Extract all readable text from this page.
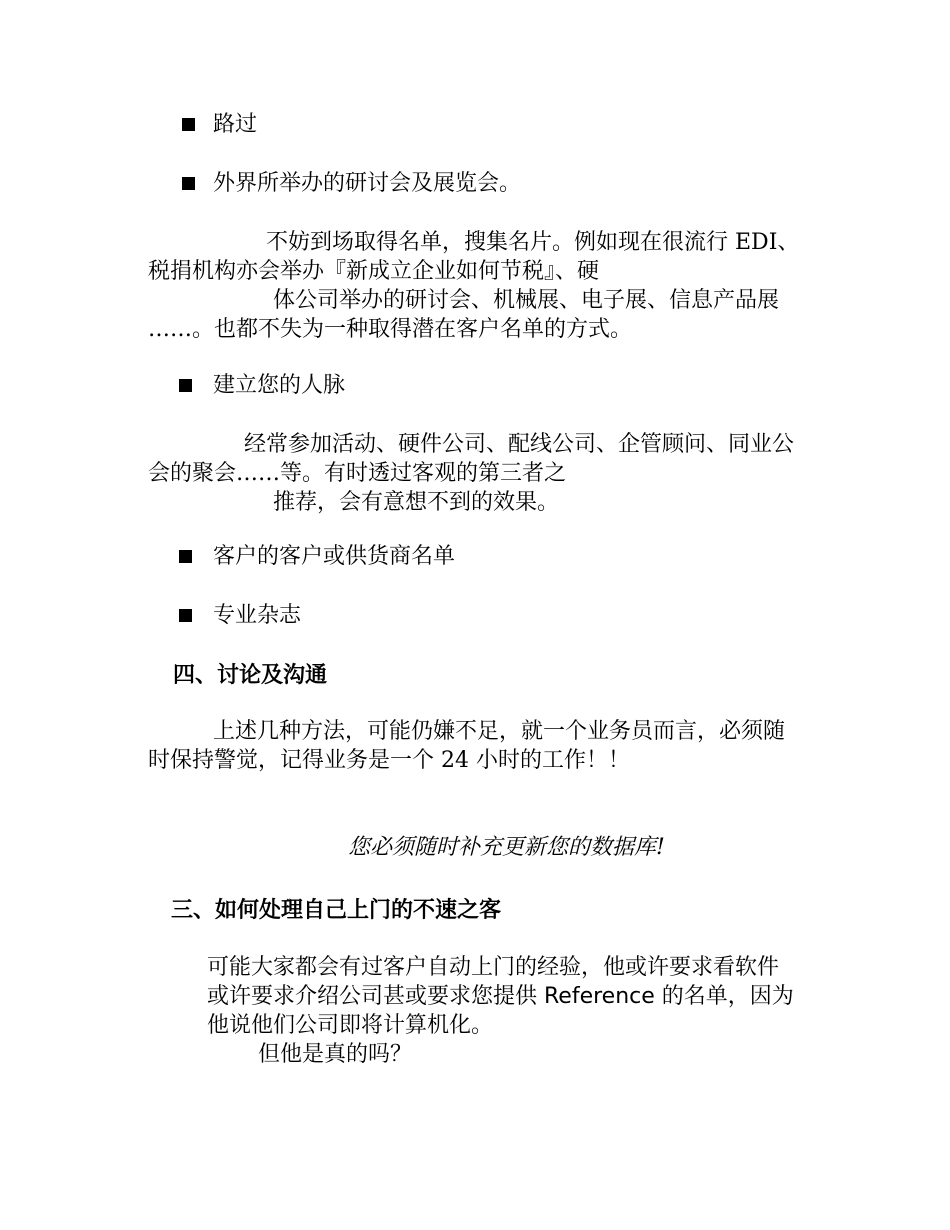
路过
外界所举办的研讨会及展览会。
不妨到场取得名单，搜集名片。例如现在很流行 EDI、
税捐机构亦会举办『新成立企业如何节税』、硬
体公司举办的研讨会、机械展、电子展、信息产品展
……。也都不失为一种取得潜在客户名单的方式。
建立您的人脉
经常参加活动、硬件公司、配线公司、企管顾问、同业公
会的聚会……等。有时透过客观的第三者之
推荐，会有意想不到的效果。
客户的客户或供货商名单
专业杂志
四、讨论及沟通
上述几种方法，可能仍嫌不足，就一个业务员而言，必须随
时保持警觉，记得业务是一个 24 小时的工作！！
您必须随时补充更新您的数据库!
三、如何处理自己上门的不速之客
可能大家都会有过客户自动上门的经验，他或许要求看软件
或许要求介绍公司甚或要求您提供 Reference 的名单，因为
他说他们公司即将计算机化。
但他是真的吗？
